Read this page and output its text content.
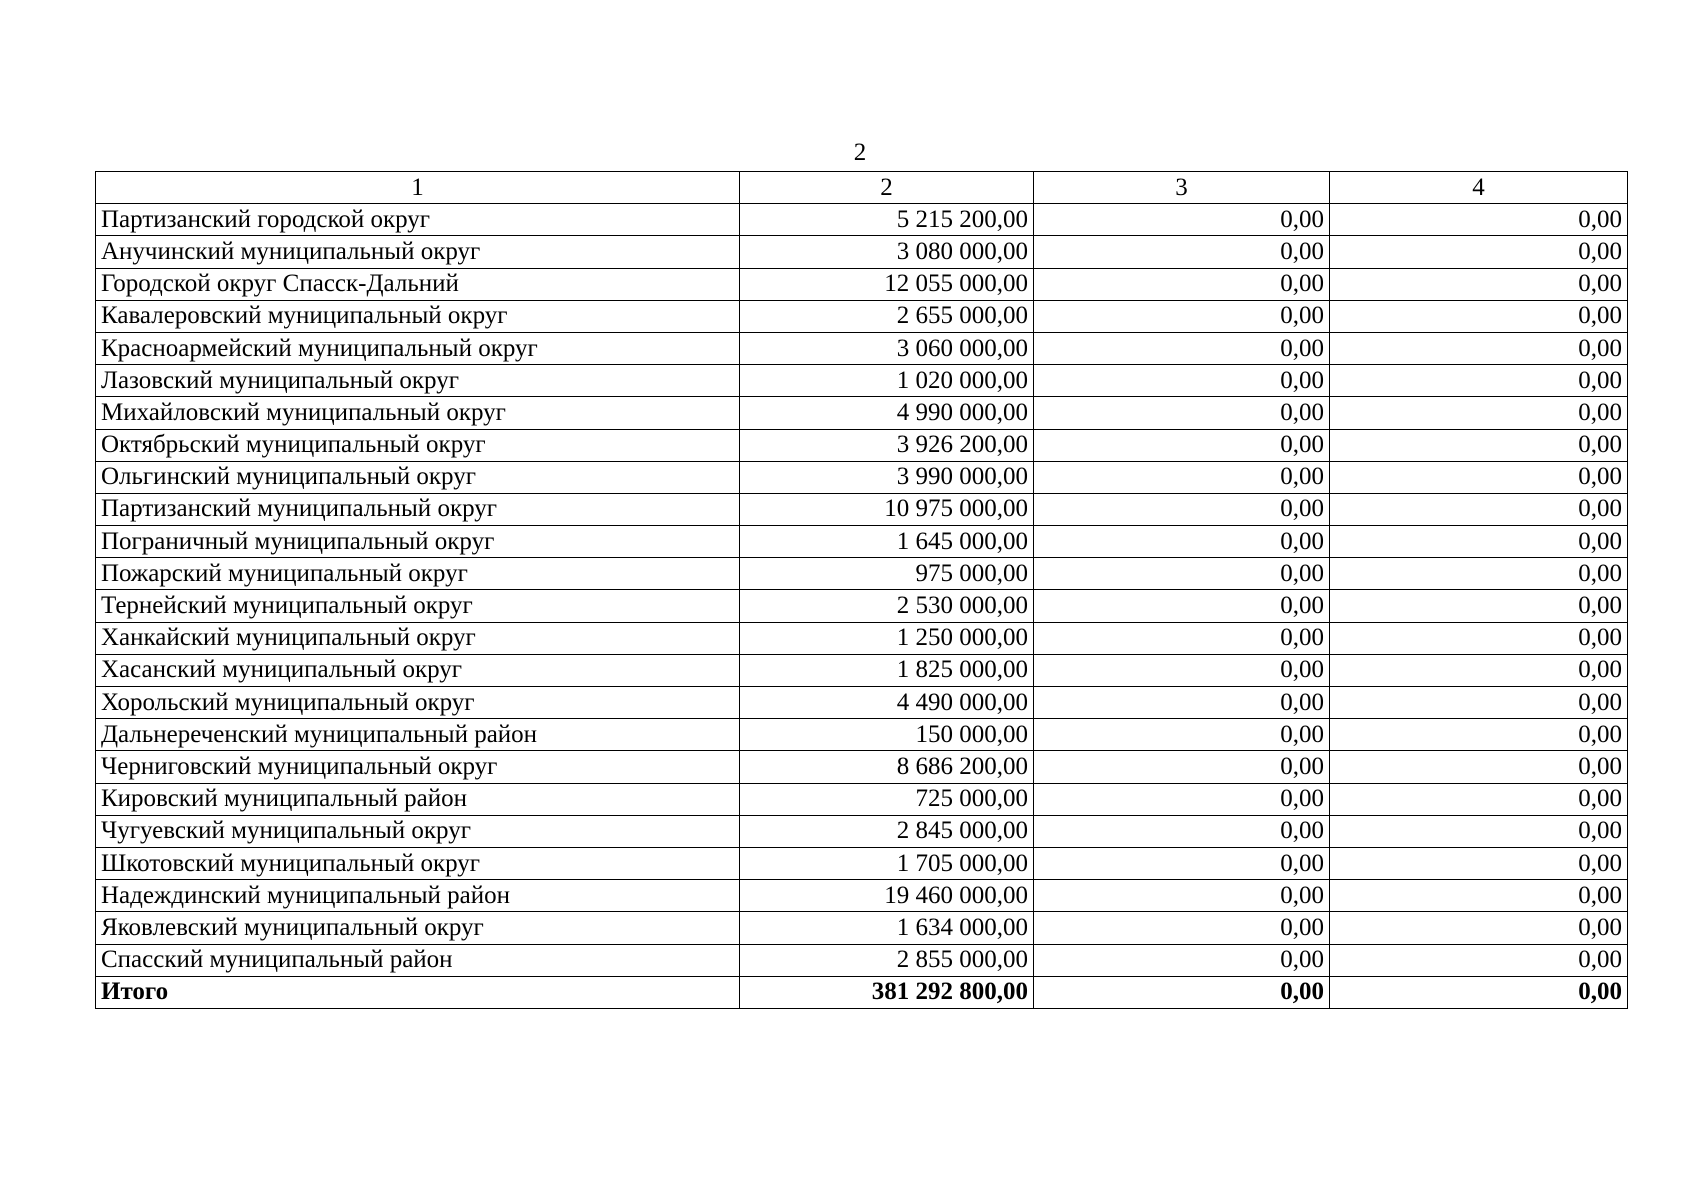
2
1	2	3	4
Партизанский городской округ	5 215 200,00	0,00	0,00
Анучинский муниципальный округ	3 080 000,00	0,00	0,00
Городской округ Спасск-Дальний	12 055 000,00	0,00	0,00
Кавалеровский муниципальный округ	2 655 000,00	0,00	0,00
Красноармейский муниципальный округ	3 060 000,00	0,00	0,00
Лазовский муниципальный округ	1 020 000,00	0,00	0,00
Михайловский муниципальный округ	4 990 000,00	0,00	0,00
Октябрьский муниципальный округ	3 926 200,00	0,00	0,00
Ольгинский муниципальный округ	3 990 000,00	0,00	0,00
Партизанский муниципальный округ	10 975 000,00	0,00	0,00
Пограничный муниципальный округ	1 645 000,00	0,00	0,00
Пожарский муниципальный округ	975 000,00	0,00	0,00
Тернейский муниципальный округ	2 530 000,00	0,00	0,00
Ханкайский муниципальный округ	1 250 000,00	0,00	0,00
Хасанский муниципальный округ	1 825 000,00	0,00	0,00
Хорольский муниципальный округ	4 490 000,00	0,00	0,00
Дальнереченский муниципальный район	150 000,00	0,00	0,00
Черниговский муниципальный округ	8 686 200,00	0,00	0,00
Кировский муниципальный район	725 000,00	0,00	0,00
Чугуевский муниципальный округ	2 845 000,00	0,00	0,00
Шкотовский муниципальный округ	1 705 000,00	0,00	0,00
Надеждинский муниципальный район	19 460 000,00	0,00	0,00
Яковлевский муниципальный округ	1 634 000,00	0,00	0,00
Спасский муниципальный район	2 855 000,00	0,00	0,00
Итого	381 292 800,00	0,00	0,00
